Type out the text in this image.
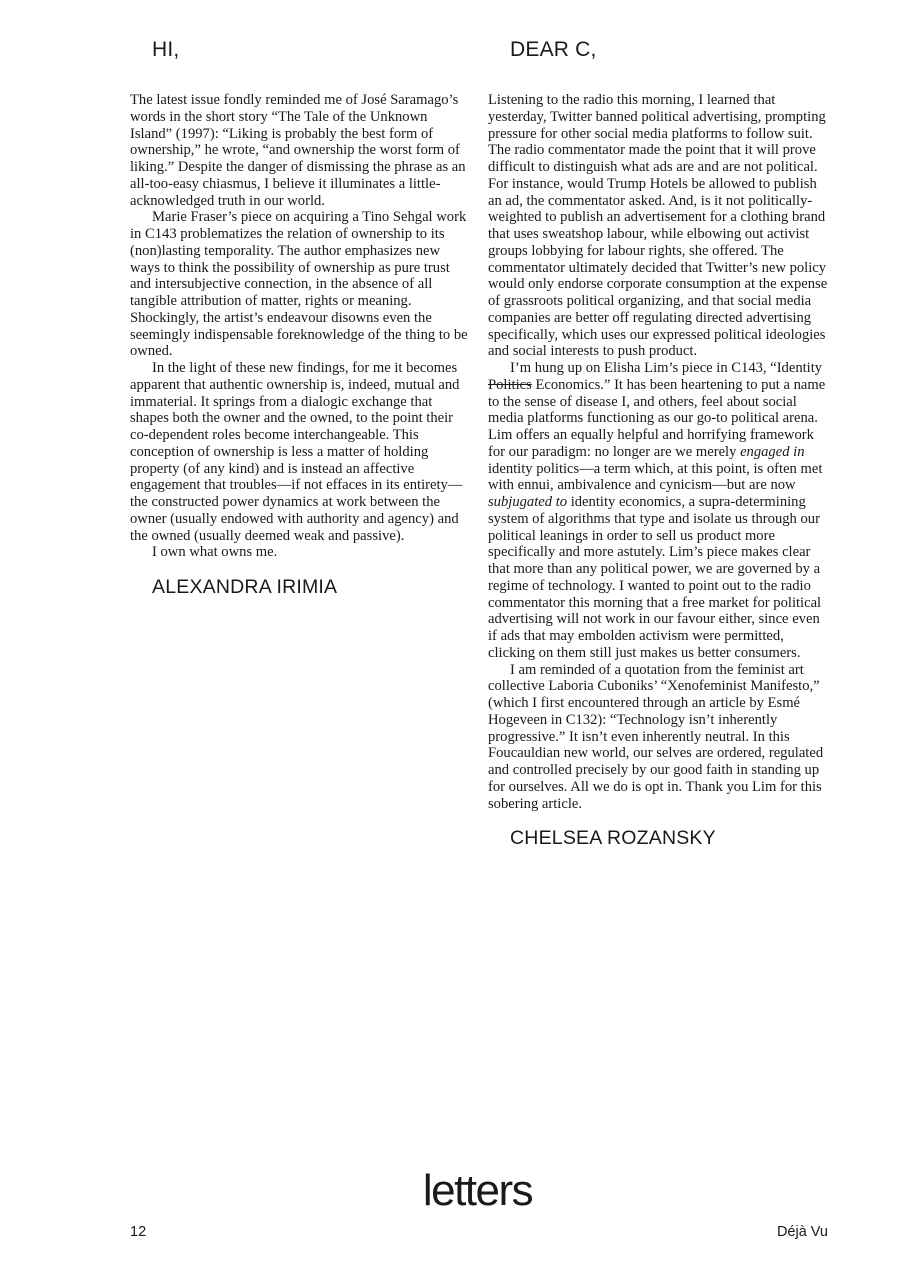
HI,	DEAR C,

The latest issue fondly reminded me of José Saramago’s words in the short story “The Tale of the Unknown Island” (1997): “Liking is probably the best form of ownership,” he wrote, “and ownership the worst form of liking.” Despite the danger of dismissing the phrase as an all-too-easy chiasmus, I believe it illuminates a little-acknowledged truth in our world.

Marie Fraser’s piece on acquiring a Tino Sehgal work in C143 problematizes the relation of ownership to its (non)lasting temporality. The author emphasizes new ways to think the possibility of ownership as pure trust and intersubjective connection, in the absence of all tangible attribution of matter, rights or meaning. Shockingly, the artist’s endeavour disowns even the seemingly indispensable foreknowledge of the thing to be owned.

In the light of these new findings, for me it becomes apparent that authentic ownership is, indeed, mutual and immaterial. It springs from a dialogic exchange that shapes both the owner and the owned, to the point their co-dependent roles become interchangeable. This conception of ownership is less a matter of holding property (of any kind) and is instead an affective engagement that troubles—if not effaces in its entirety—the constructed power dynamics at work between the owner (usually endowed with authority and agency) and the owned (usually deemed weak and passive).

I own what owns me.

ALEXANDRA IRIMIA

Listening to the radio this morning, I learned that yesterday, Twitter banned political advertising, prompting pressure for other social media platforms to follow suit. The radio commentator made the point that it will prove difficult to distinguish what ads are and are not political. For instance, would Trump Hotels be allowed to publish an ad, the commentator asked. And, is it not politically-weighted to publish an advertisement for a clothing brand that uses sweatshop labour, while elbowing out activist groups lobbying for labour rights, she offered. The commentator ultimately decided that Twitter’s new policy would only endorse corporate consumption at the expense of grassroots political organizing, and that social media companies are better off regulating directed advertising specifically, which uses our expressed political ideologies and social interests to push product.

I’m hung up on Elisha Lim’s piece in C143, “Identity Politics Economics.” It has been heartening to put a name to the sense of disease I, and others, feel about social media platforms functioning as our go-to political arena. Lim offers an equally helpful and horrifying framework for our paradigm: no longer are we merely engaged in identity politics—a term which, at this point, is often met with ennui, ambivalence and cynicism—but are now subjugated to identity economics, a supra-determining system of algorithms that type and isolate us through our political leanings in order to sell us product more specifically and more astutely. Lim’s piece makes clear that more than any political power, we are governed by a regime of technology. I wanted to point out to the radio commentator this morning that a free market for political advertising will not work in our favour either, since even if ads that may embolden activism were permitted, clicking on them still just makes us better consumers.

I am reminded of a quotation from the feminist art collective Laboria Cuboniks’ “Xenofeminist Manifesto,” (which I first encountered through an article by Esmé Hogeveen in C132): “Technology isn’t inherently progressive.” It isn’t even inherently neutral. In this Foucauldian new world, our selves are ordered, regulated and controlled precisely by our good faith in standing up for ourselves. All we do is opt in. Thank you Lim for this sobering article.

CHELSEA ROZANSKY
letters
12	Déjà Vu
